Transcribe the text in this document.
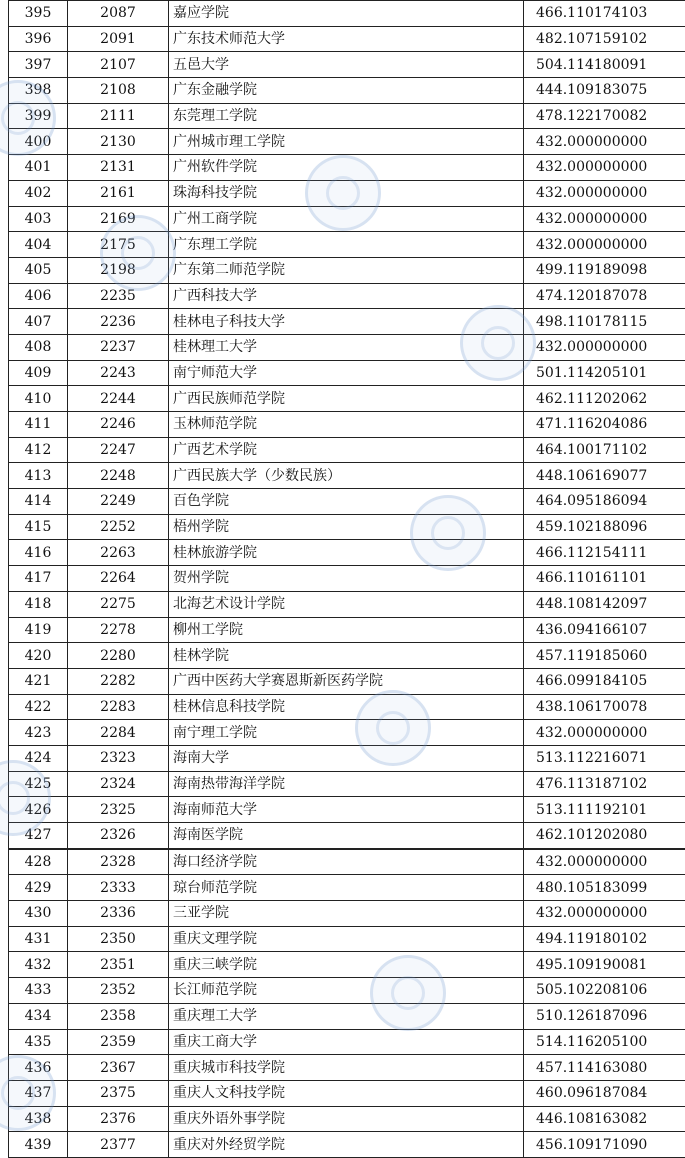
395	2087	嘉应学院	466.110174103
396	2091	广东技术师范大学	482.107159102
397	2107	五邑大学	504.114180091
398	2108	广东金融学院	444.109183075
399	2111	东莞理工学院	478.122170082
400	2130	广州城市理工学院	432.000000000
401	2131	广州软件学院	432.000000000
402	2161	珠海科技学院	432.000000000
403	2169	广州工商学院	432.000000000
404	2175	广东理工学院	432.000000000
405	2198	广东第二师范学院	499.119189098
406	2235	广西科技大学	474.120187078
407	2236	桂林电子科技大学	498.110178115
408	2237	桂林理工大学	432.000000000
409	2243	南宁师范大学	501.114205101
410	2244	广西民族师范学院	462.111202062
411	2246	玉林师范学院	471.116204086
412	2247	广西艺术学院	464.100171102
413	2248	广西民族大学（少数民族）	448.106169077
414	2249	百色学院	464.095186094
415	2252	梧州学院	459.102188096
416	2263	桂林旅游学院	466.112154111
417	2264	贺州学院	466.110161101
418	2275	北海艺术设计学院	448.108142097
419	2278	柳州工学院	436.094166107
420	2280	桂林学院	457.119185060
421	2282	广西中医药大学赛恩斯新医药学院	466.099184105
422	2283	桂林信息科技学院	438.106170078
423	2284	南宁理工学院	432.000000000
424	2323	海南大学	513.112216071
425	2324	海南热带海洋学院	476.113187102
426	2325	海南师范大学	513.111192101
427	2326	海南医学院	462.101202080
428	2328	海口经济学院	432.000000000
429	2333	琼台师范学院	480.105183099
430	2336	三亚学院	432.000000000
431	2350	重庆文理学院	494.119180102
432	2351	重庆三峡学院	495.109190081
433	2352	长江师范学院	505.102208106
434	2358	重庆理工大学	510.126187096
435	2359	重庆工商大学	514.116205100
436	2367	重庆城市科技学院	457.114163080
437	2375	重庆人文科技学院	460.096187084
438	2376	重庆外语外事学院	446.108163082
439	2377	重庆对外经贸学院	456.109171090
